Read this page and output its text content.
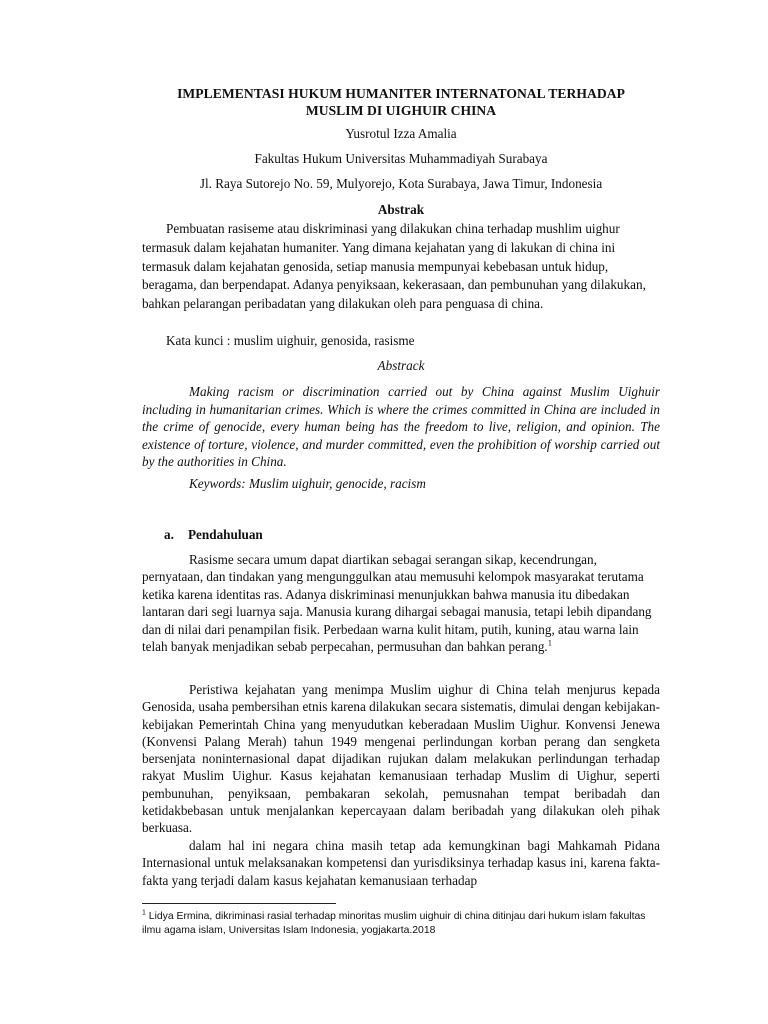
IMPLEMENTASI HUKUM HUMANITER INTERNATONAL TERHADAP
MUSLIM DI UIGHUIR CHINA
Yusrotul Izza Amalia
Fakultas Hukum Universitas Muhammadiyah Surabaya
Jl. Raya Sutorejo No. 59, Mulyorejo, Kota Surabaya, Jawa Timur, Indonesia
Abstrak

Pembuatan rasiseme atau diskriminasi yang dilakukan china terhadap mushlim uighur termasuk dalam kejahatan humaniter. Yang dimana kejahatan yang di lakukan di china ini termasuk dalam kejahatan genosida, setiap manusia mempunyai kebebasan untuk hidup, beragama, dan berpendapat. Adanya penyiksaan, kekerasaan, dan pembunuhan yang dilakukan, bahkan pelarangan peribadatan yang dilakukan oleh para penguasa di china.

Kata kunci : muslim uighuir, genosida, rasisme
Abstrack

Making racism or discrimination carried out by China against Muslim Uighuir including in humanitarian crimes. Which is where the crimes committed in China are included in the crime of genocide, every human being has the freedom to live, religion, and opinion. The existence of torture, violence, and murder committed, even the prohibition of worship carried out by the authorities in China.

Keywords: Muslim uighuir, genocide, racism
a. Pendahuluan

Rasisme secara umum dapat diartikan sebagai serangan sikap, kecendrungan, pernyataan, dan tindakan yang mengunggulkan atau memusuhi kelompok masyarakat terutama ketika karena identitas ras. Adanya diskriminasi menunjukkan bahwa manusia itu dibedakan lantaran dari segi luarnya saja. Manusia kurang dihargai sebagai manusia, tetapi lebih dipandang dan di nilai dari penampilan fisik. Perbedaan warna kulit hitam, putih, kuning, atau warna lain telah banyak menjadikan sebab perpecahan, permusuhan dan bahkan perang.$^1$

Peristiwa kejahatan yang menimpa Muslim uighur di China telah menjurus kepada Genosida, usaha pembersihan etnis karena dilakukan secara sistematis, dimulai dengan kebijakan- kebijakan Pemerintah China yang menyudutkan keberadaan Muslim Uighur. Konvensi Jenewa (Konvensi Palang Merah) tahun 1949 mengenai perlindungan korban perang dan sengketa bersenjata noninternasional dapat dijadikan rujukan dalam melakukan perlindungan terhadap rakyat Muslim Uighur. Kasus kejahatan kemanusiaan terhadap Muslim di Uighur, seperti pembunuhan, penyiksaan, pembakaran sekolah, pemusnahan tempat beribadah dan ketidakbebasan untuk menjalankan kepercayaan dalam beribadah yang dilakukan oleh pihak berkuasa.

dalam hal ini negara china masih tetap ada kemungkinan bagi Mahkamah Pidana Internasional untuk melaksanakan kompetensi dan yurisdiksinya terhadap kasus ini, karena fakta-fakta yang terjadi dalam kasus kejahatan kemanusiaan terhadap

$^1$ Lidya Ermina, dikriminasi rasial terhadap minoritas muslim uighuir di china ditinjau dari hukum islam fakultas ilmu agama islam, Universitas Islam Indonesia, yogjakarta.2018
